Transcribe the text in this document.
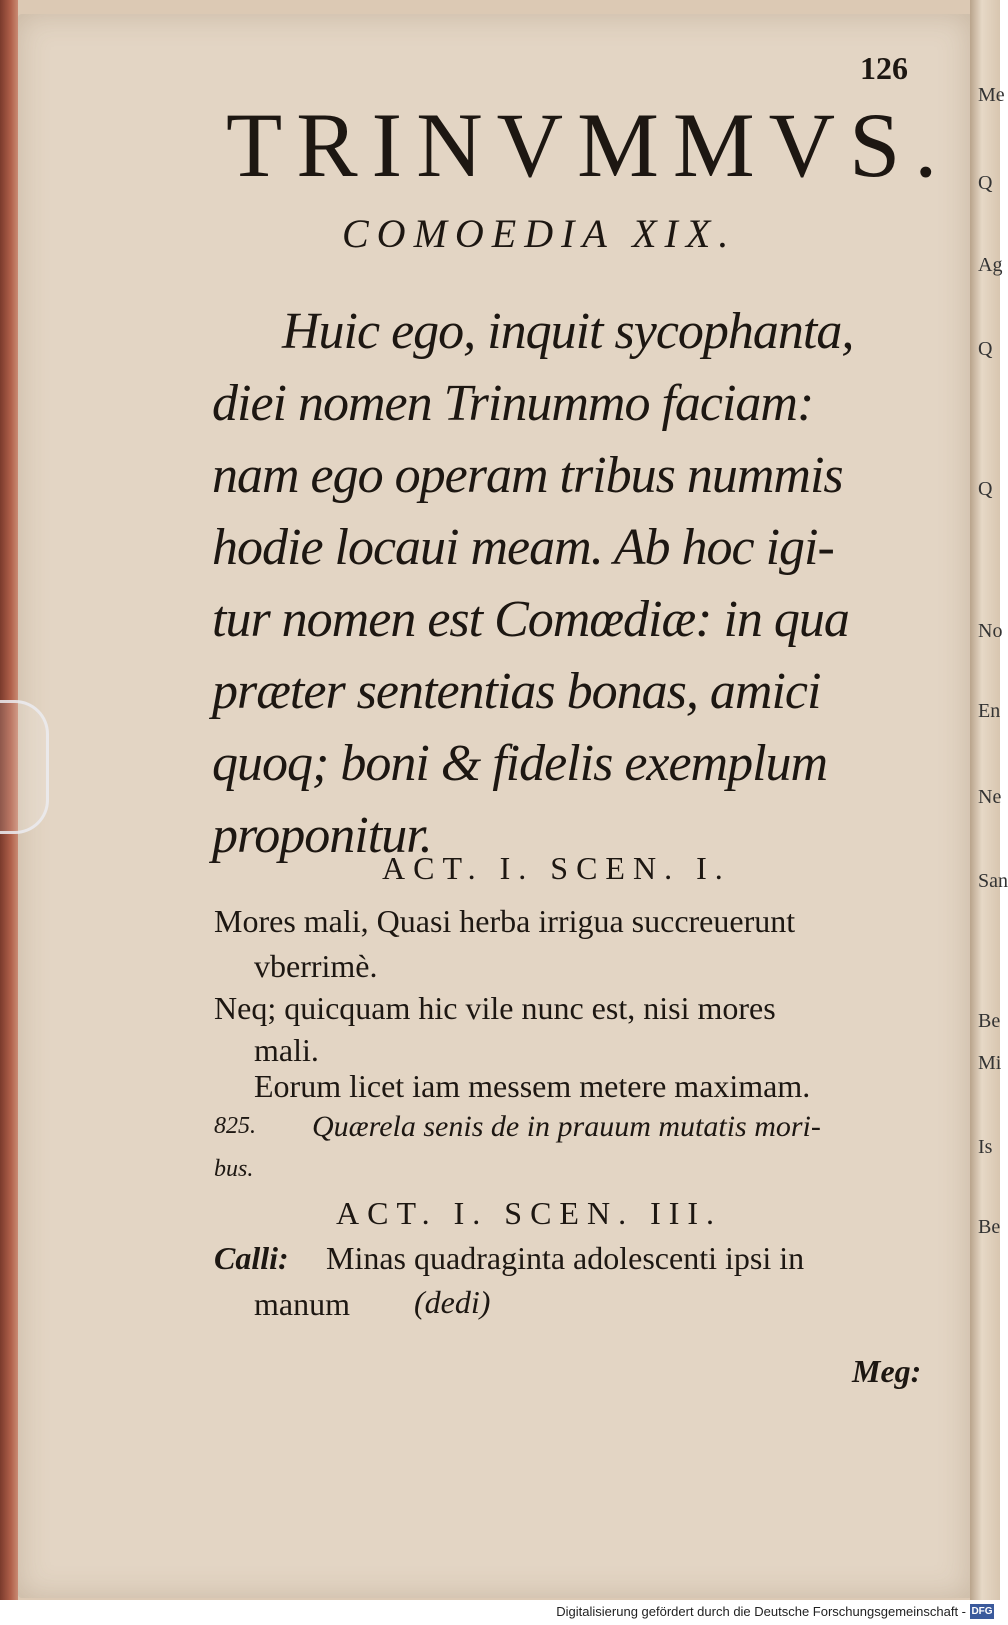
Me
Q
Ag
Q
Q
No
En
Ne
San
Be
Mi
Is
Be
126
TRINVMMVS.
COMOEDIA XIX.
Huic ego, inquit sycophanta,
diei nomen Trinummo faciam:
nam ego operam tribus nummis
hodie locaui meam. Ab hoc igi-
tur nomen est Comœdiæ: in qua
præter sententias bonas, amici
quoq; boni & fidelis exemplum
proponitur.
ACT. I. SCEN. I.
Mores mali, Quasi herba irrigua succreuerunt
vberrimè.
Neq; quicquam hic vile nunc est, nisi mores
mali.
Eorum licet iam messem metere maximam.
825. Quærela senis de in prauum mutatis mori-
bus.
ACT. I. SCEN. III.
Calli: Minas quadraginta adolescenti ipsi in
manum (dedi)
Meg:
Digitalisierung gefördert durch die Deutsche Forschungsgemeinschaft - DFG
